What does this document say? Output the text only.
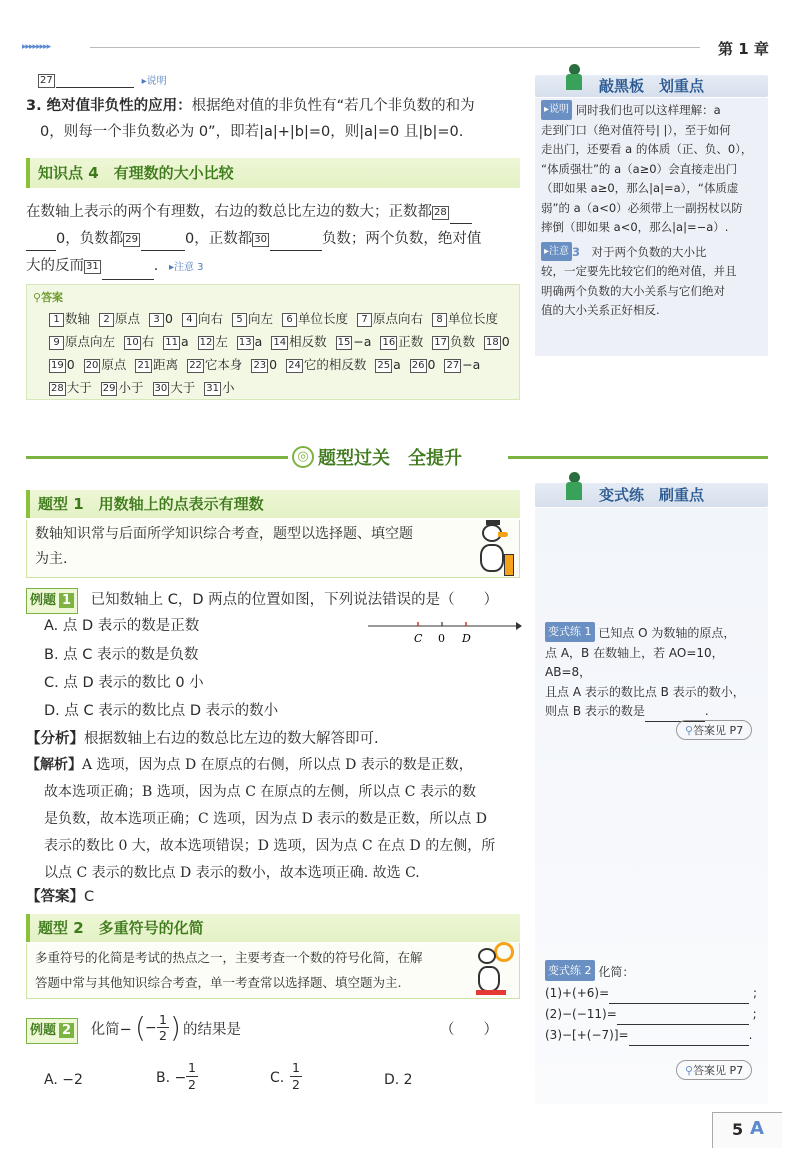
▸▸▸▸▸▸▸▸	第 1 章
27	▸说明
3. 绝对值非负性的应用：根据绝对值的非负性有“若几个非负数的和为
0，则每一个非负数必为 0”，即若|a|+|b|=0，则|a|=0 且|b|=0.
知识点 4　有理数的大小比较
在数轴上表示的两个有理数，右边的数总比左边的数大；正数都 28
0，负数都 29	0，正数都 30	负数；两个负数，绝对值
大的反而 31	. ▸注意 3
⚲答案
1 数轴	2 原点	3 0	4 向右	5 向左	6 单位长度	7 原点向右	8 单位长度
9 原点向左 10 右 11 a 12 左 13 a 14 相反数 15 −a 16 正数 17 负数 18 0
19 0 20 原点 21 距离 22 它本身 23 0 24 它的相反数 25 a 26 0 27 −a
28 大于 29 小于 30 大于 31 小
敲黑板　划重点
▸说明 同时我们也可以这样理解：a
走到门口（绝对值符号| |），至于如何
走出门，还要看 a 的体质（正、负、0），
“体质强壮”的 a（a≥0）会直接走出门
（即如果 a≥0，那么|a|=a），“体质虚
弱”的 a（a<0）必须带上一副拐杖以防
摔倒（即如果 a<0，那么|a|=−a）.
▸注意 3　 对于两个负数的大小比
较，一定要先比较它们的绝对值，并且
明确两个负数的大小关系与它们绝对
值的大小关系正好相反.
◎ 题型过关　全提升
题型 1　用数轴上的点表示有理数
数轴知识常与后面所学知识综合考查，题型以选择题、填空题
为主.
例题 1 已知数轴上 C，D 两点的位置如图，下列说法错误的是（　　）
A. 点 D 表示的数是正数
B. 点 C 表示的数是负数
C. 点 D 表示的数比 0 小
D. 点 C 表示的数比点 D 表示的数小
C 0 D
【分析】根据数轴上右边的数总比左边的数大解答即可.
【解析】A 选项，因为点 D 在原点的右侧，所以点 D 表示的数是正数，
故本选项正确；B 选项，因为点 C 在原点的左侧，所以点 C 表示的数
是负数，故本选项正确；C 选项，因为点 D 表示的数是正数，所以点 D
表示的数比 0 大，故本选项错误；D 选项，因为点 C 在点 D 的左侧，所
以点 C 表示的数比点 D 表示的数小，故本选项正确. 故选 C.
【答案】C
题型 2　多重符号的化简
多重符号的化简是考试的热点之一，主要考查一个数的符号化简，在解
答题中常与其他知识综合考查，单一考查常以选择题、填空题为主.
例题 2 化简− ( −
1
2 ) 的结果是	（　　）
A. −2	B. −
1
2	C.
1
2	D. 2
变式练　刷重点
变式练 1 已知点 O 为数轴的原点，
点 A，B 在数轴上，若 AO=10，AB=8，
且点 A 表示的数比点 B 表示的数小，
则点 B 表示的数是	.
⚲答案见 P7
变式练 2 化简：
(1)+(+6)=	;
(2)−(−11)=	;
(3)−[+(−7)]=	.
⚲答案见 P7
5 A
